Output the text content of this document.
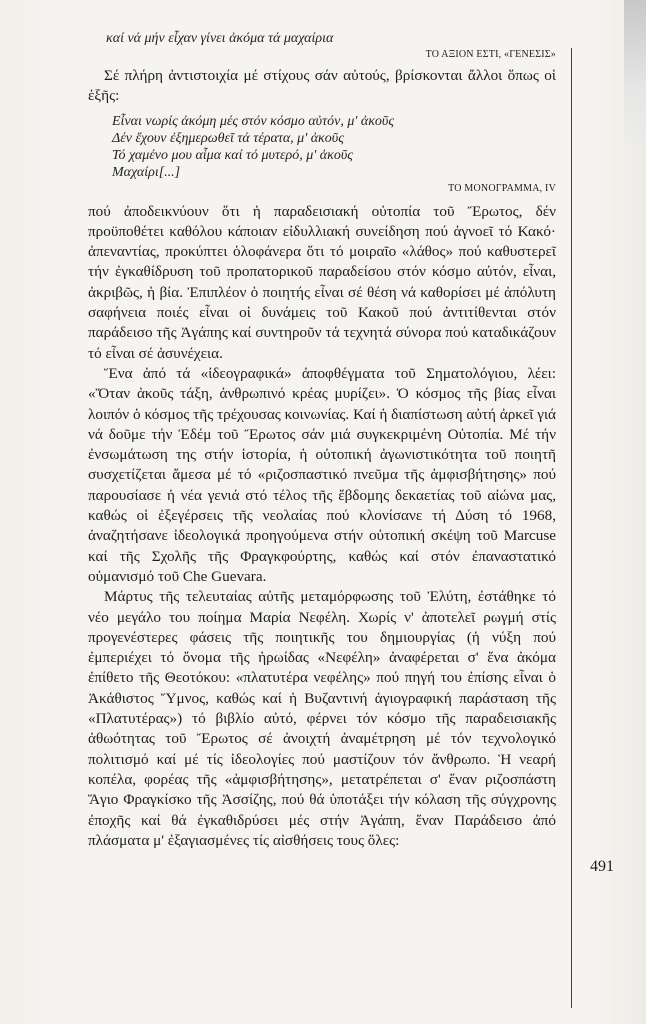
491
καί νά μήν εἶχαν γίνει ἀκόμα τά μαχαίρια
ΤΟ ΑΞΙΟΝ ΕΣΤΙ, «ΓΕΝΕΣΙΣ»

Σέ πλήρη ἀντιστοιχία μέ στίχους σάν αὐτούς, βρίσκονται ἄλλοι ὅπως οἱ ἑξῆς:

Εἶναι νωρίς ἀκόμη μές στόν κόσμο αὐτόν, μ' ἀκοῦς
Δέν ἔχουν ἐξημερωθεῖ τά τέρατα, μ' ἀκοῦς
Τό χαμένο μου αἷμα καί τό μυτερό, μ' ἀκοῦς
Μαχαίρι[...]
ΤΟ ΜΟΝΟΓΡΑΜΜΑ, IV

πού ἀποδεικνύουν ὅτι ἡ παραδεισιακή οὐτοπία τοῦ Ἔρωτος, δέν προϋποθέτει καθόλου κάποιαν εἰδυλλιακή συνείδηση πού ἀγνοεῖ τό Κακό· ἀπεναντίας, προκύπτει ὁλοφάνερα ὅτι τό μοιραῖο «λάθος» πού καθυστερεῖ τήν ἐγκαθίδρυση τοῦ προπατορικοῦ παραδείσου στόν κόσμο αὐτόν, εἶναι, ἀκριβῶς, ἡ βία. Ἐπιπλέον ὁ ποιητής εἶναι σέ θέση νά καθορίσει μέ ἀπόλυτη σαφήνεια ποιές εἶναι οἱ δυνάμεις τοῦ Κακοῦ πού ἀντιτίθενται στόν παράδεισο τῆς Ἀγάπης καί συντηροῦν τά τεχνητά σύνορα πού καταδικάζουν τό εἶναι σέ ἀσυνέχεια.

Ἕνα ἀπό τά «ἰδεογραφικά» ἀποφθέγματα τοῦ Σηματολόγιου, λέει: «Ὅταν ἀκοῦς τάξη, ἀνθρωπινό κρέας μυρίζει». Ὁ κόσμος τῆς βίας εἶναι λοιπόν ὁ κόσμος τῆς τρέχουσας κοινωνίας. Καί ἡ διαπίστωση αὐτή ἀρκεῖ γιά νά δοῦμε τήν Ἐδέμ τοῦ Ἔρωτος σάν μιά συγκεκριμένη Οὐτοπία. Μέ τήν ἐνσωμάτωση της στήν ἱστορία, ἡ οὐτοπική ἀγωνιστικότητα τοῦ ποιητῆ συσχετίζεται ἄμεσα μέ τό «ριζοσπαστικό πνεῦμα τῆς ἀμφισβήτησης» πού παρουσίασε ἡ νέα γενιά στό τέλος τῆς ἕβδομης δεκαετίας τοῦ αἰώνα μας, καθώς οἱ ἐξεγέρσεις τῆς νεολαίας πού κλονίσανε τή Δύση τό 1968, ἀναζητήσανε ἰδεολογικά προηγούμενα στήν οὐτοπική σκέψη τοῦ Marcuse καί τῆς Σχολῆς τῆς Φραγκφούρτης, καθώς καί στόν ἐπαναστατικό οὐμανισμό τοῦ Che Guevara.

Μάρτυς τῆς τελευταίας αὐτῆς μεταμόρφωσης τοῦ Ἐλύτη, ἐστάθηκε τό νέο μεγάλο του ποίημα Μαρία Νεφέλη. Χωρίς ν' ἀποτελεῖ ρωγμή στίς προγενέστερες φάσεις τῆς ποιητικῆς του δημιουργίας (ἡ νύξη πού ἐμπεριέχει τό ὄνομα τῆς ἡρωίδας «Νεφέλη» ἀναφέρεται σ' ἕνα ἀκόμα ἐπίθετο τῆς Θεοτόκου: «πλατυτέρα νεφέλης» πού πηγή του ἐπίσης εἶναι ὁ Ἀκάθιστος Ὕμνος, καθώς καί ἡ Βυζαντινή ἁγιογραφική παράσταση τῆς «Πλατυτέρας») τό βιβλίο αὐτό, φέρνει τόν κόσμο τῆς παραδεισιακῆς ἀθωότητας τοῦ Ἔρωτος σέ ἀνοιχτή ἀναμέτρηση μέ τόν τεχνολογικό πολιτισμό καί μέ τίς ἰδεολογίες πού μαστίζουν τόν ἄνθρωπο. Ἡ νεαρή κοπέλα, φορέας τῆς «ἀμφισβήτησης», μετατρέπεται σ' ἕναν ριζοσπάστη Ἅγιο Φραγκίσκο τῆς Ἀσσίζης, πού θά ὑποτάξει τήν κόλαση τῆς σύγχρονης ἐποχῆς καί θά ἐγκαθιδρύσει μές στήν Ἀγάπη, ἕναν Παράδεισο ἀπό πλάσματα μ' ἐξαγιασμένες τίς αἰσθήσεις τους ὅλες:
